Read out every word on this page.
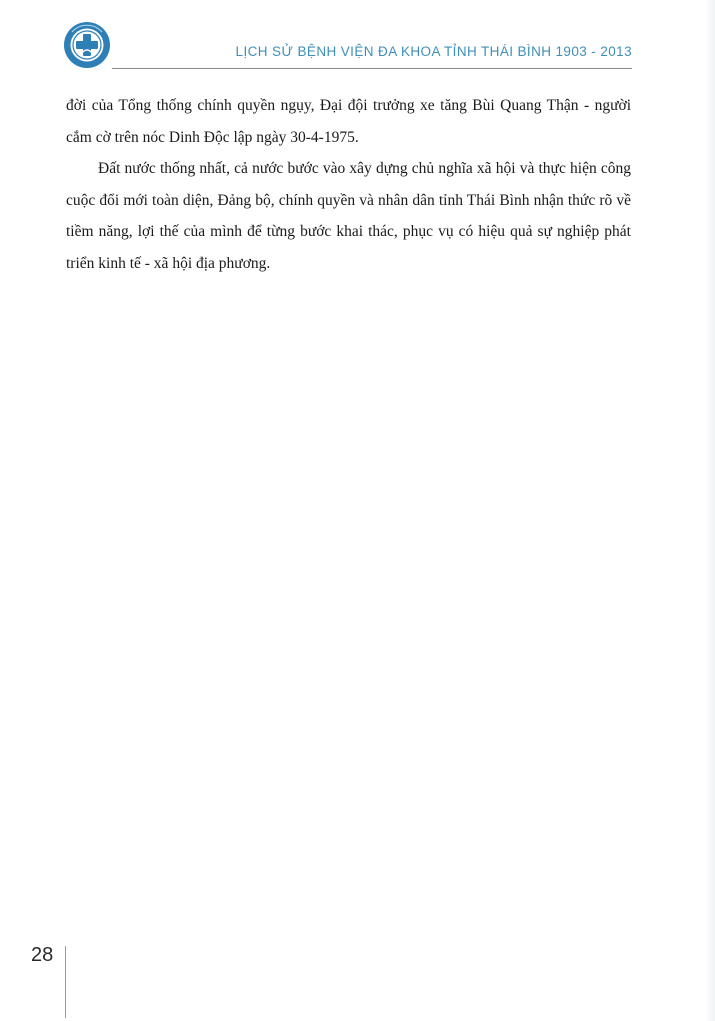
LỊCH SỬ BỆNH VIỆN ĐA KHOA TỈNH THÁI BÌNH 1903 - 2013

đời của Tổng thống chính quyền ngụy, Đại đội trưởng xe tăng Bùi Quang Thận - người cắm cờ trên nóc Dinh Độc lập ngày 30-4-1975.

Đất nước thống nhất, cả nước bước vào xây dựng chủ nghĩa xã hội và thực hiện công cuộc đổi mới toàn diện, Đảng bộ, chính quyền và nhân dân tỉnh Thái Bình nhận thức rõ về tiềm năng, lợi thế của mình để từng bước khai thác, phục vụ có hiệu quả sự nghiệp phát triển kinh tế - xã hội địa phương.

28
